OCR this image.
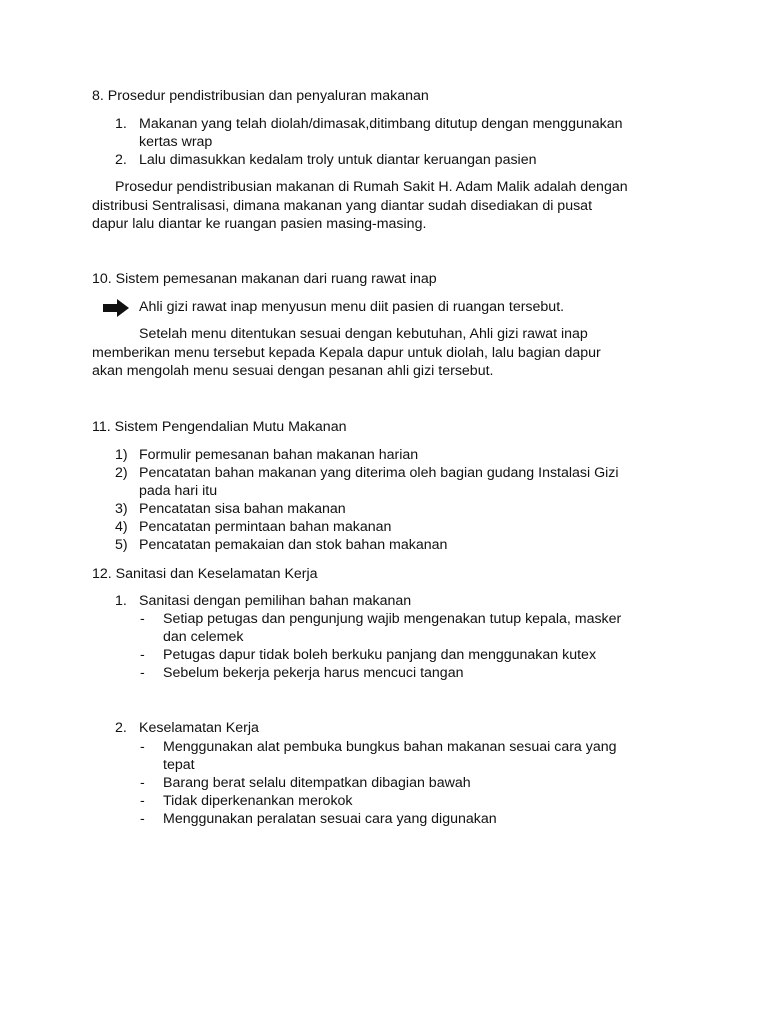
8. Prosedur pendistribusian dan penyaluran makanan
1. Makanan yang telah diolah/dimasak,ditimbang ditutup dengan menggunakan
kertas wrap
2. Lalu dimasukkan kedalam troly untuk diantar keruangan pasien
Prosedur pendistribusian makanan di Rumah Sakit H. Adam Malik adalah dengan
distribusi Sentralisasi, dimana makanan yang diantar sudah disediakan di pusat
dapur lalu diantar ke ruangan pasien masing-masing.
10. Sistem pemesanan makanan dari ruang rawat inap
Ahli gizi rawat inap menyusun menu diit pasien di ruangan tersebut.
Setelah menu ditentukan sesuai dengan kebutuhan, Ahli gizi rawat inap
memberikan menu tersebut kepada Kepala dapur untuk diolah, lalu bagian dapur
akan mengolah menu sesuai dengan pesanan ahli gizi tersebut.
11. Sistem Pengendalian Mutu Makanan
1) Formulir pemesanan bahan makanan harian
2) Pencatatan bahan makanan yang diterima oleh bagian gudang Instalasi Gizi
pada hari itu
3) Pencatatan sisa bahan makanan
4) Pencatatan permintaan bahan makanan
5) Pencatatan pemakaian dan stok bahan makanan
12. Sanitasi dan Keselamatan Kerja
1. Sanitasi dengan pemilihan bahan makanan
- Setiap petugas dan pengunjung wajib mengenakan tutup kepala, masker
dan celemek
- Petugas dapur tidak boleh berkuku panjang dan menggunakan kutex
- Sebelum bekerja pekerja harus mencuci tangan
2. Keselamatan Kerja
- Menggunakan alat pembuka bungkus bahan makanan sesuai cara yang
tepat
- Barang berat selalu ditempatkan dibagian bawah
- Tidak diperkenankan merokok
- Menggunakan peralatan sesuai cara yang digunakan
